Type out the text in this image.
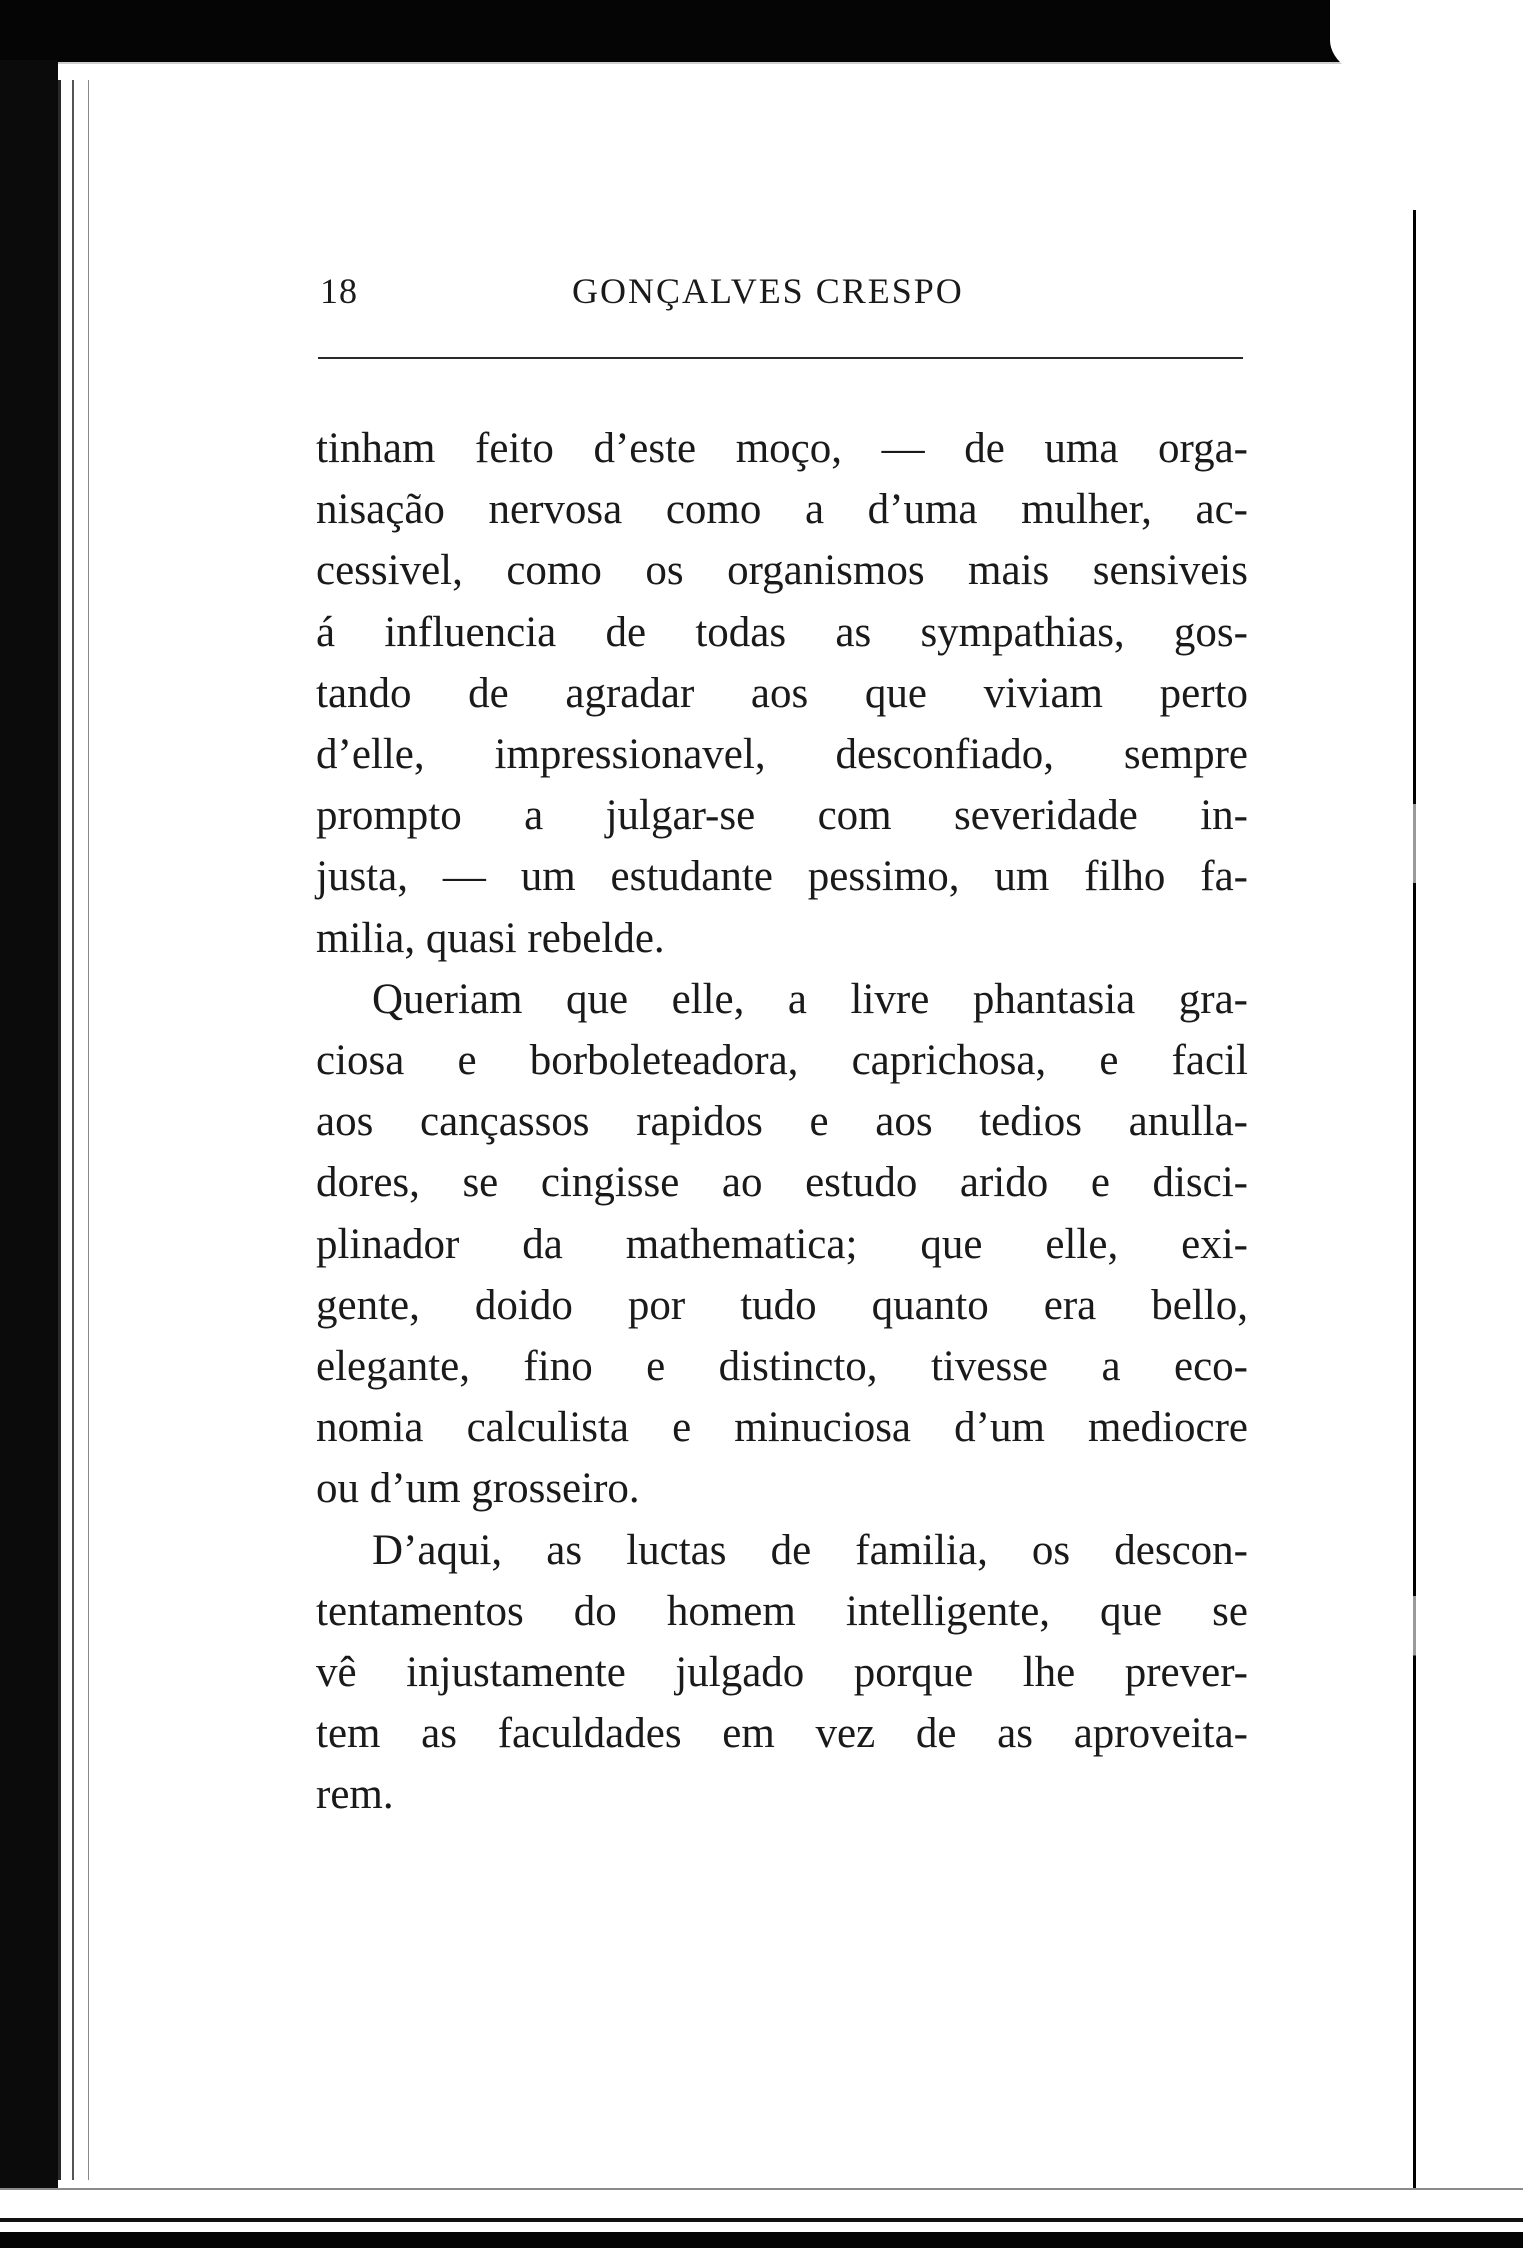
18	GONÇALVES CRESPO
tinham feito d’este moço, — de uma orga-
nisação nervosa como a d’uma mulher, ac-
cessivel, como os organismos mais sensiveis
á influencia de todas as sympathias, gos-
tando de agradar aos que viviam perto
d’elle, impressionavel, desconfiado, sempre
prompto a julgar-se com severidade in-
justa, — um estudante pessimo, um filho fa-
milia, quasi rebelde.
Queriam que elle, a livre phantasia gra-
ciosa e borboleteadora, caprichosa, e facil
aos cançassos rapidos e aos tedios anulla-
dores, se cingisse ao estudo arido e disci-
plinador da mathematica; que elle, exi-
gente, doido por tudo quanto era bello,
elegante, fino e distincto, tivesse a eco-
nomia calculista e minuciosa d’um mediocre
ou d’um grosseiro.
D’aqui, as luctas de familia, os descon-
tentamentos do homem intelligente, que se
vê injustamente julgado porque lhe prever-
tem as faculdades em vez de as aproveita-
rem.
